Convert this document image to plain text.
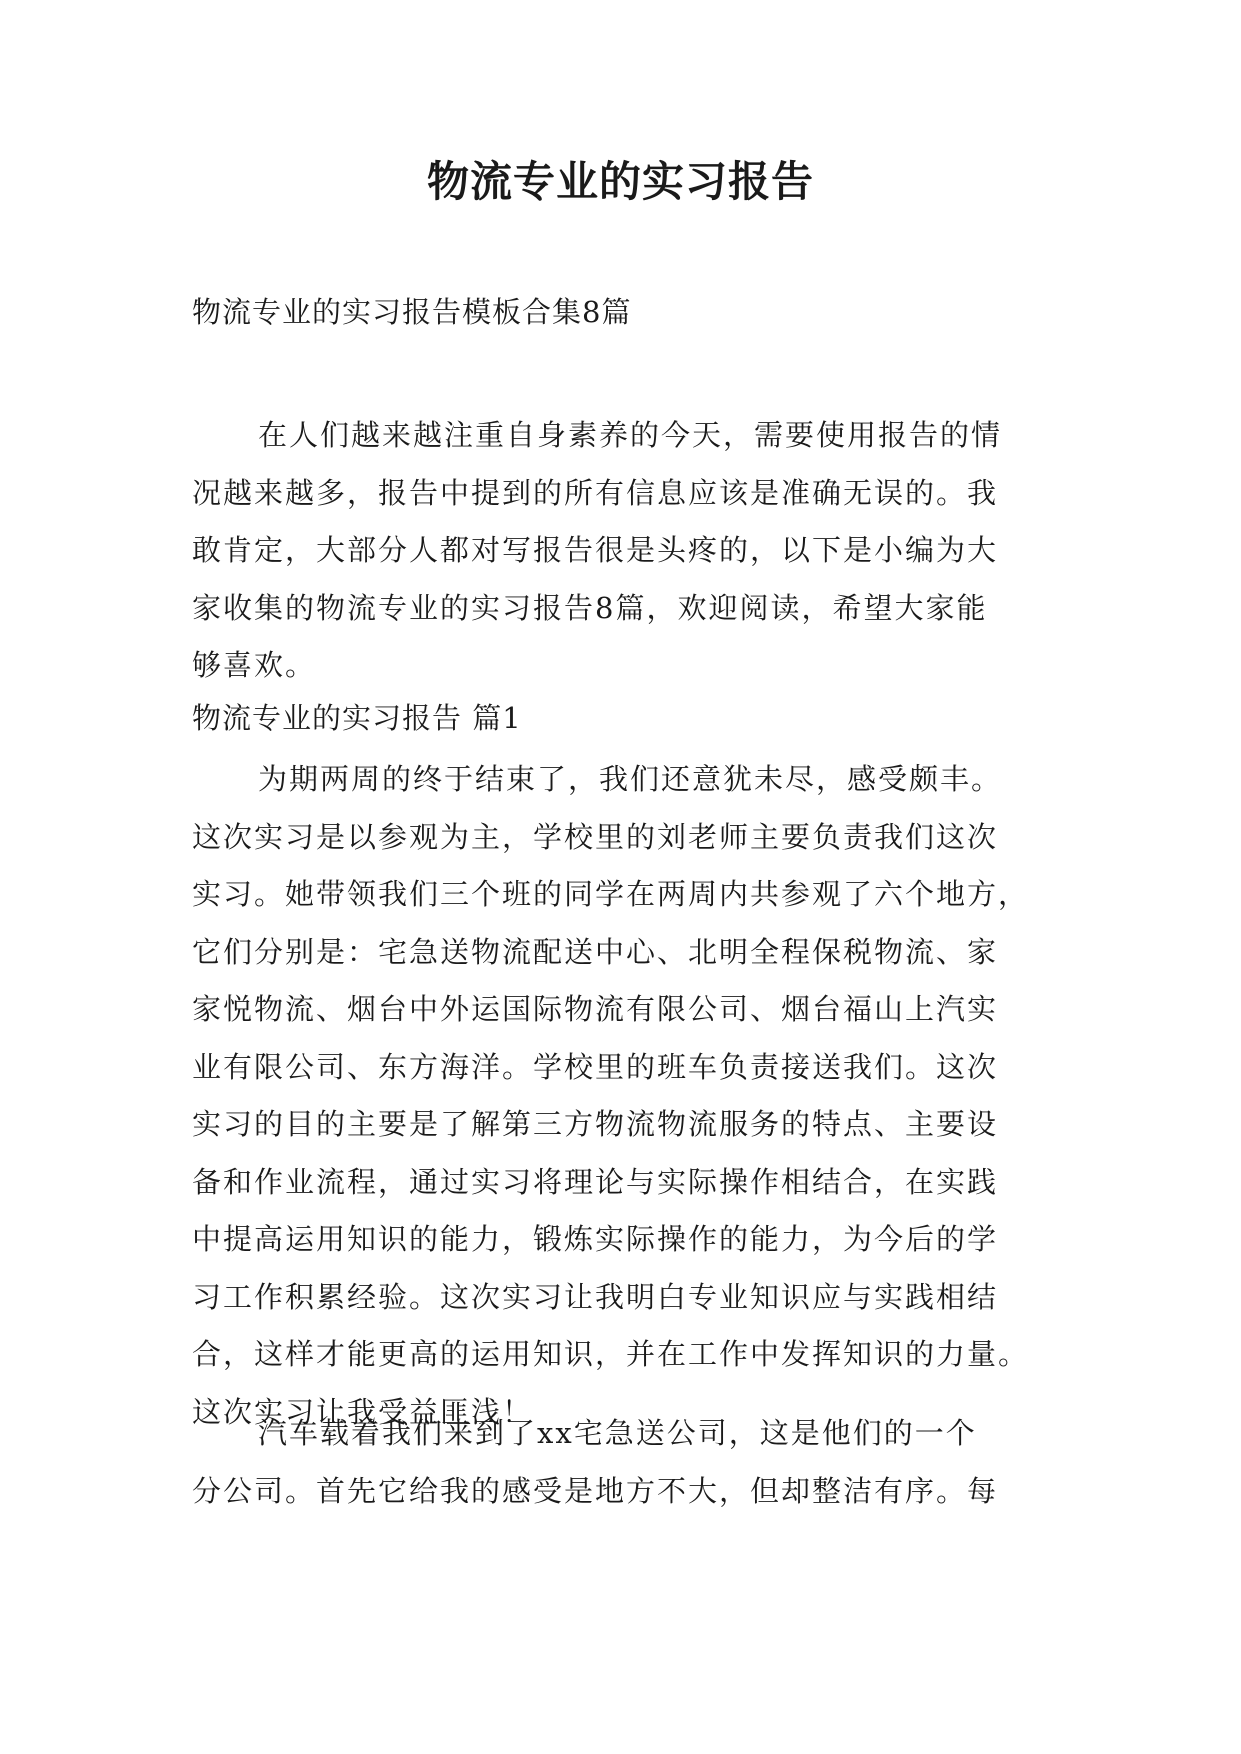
物流专业的实习报告

物流专业的实习报告模板合集8篇

在人们越来越注重自身素养的今天，需要使用报告的情
况越来越多，报告中提到的所有信息应该是准确无误的。我
敢肯定，大部分人都对写报告很是头疼的，以下是小编为大
家收集的物流专业的实习报告8篇，欢迎阅读，希望大家能
够喜欢。

物流专业的实习报告 篇1

为期两周的终于结束了，我们还意犹未尽，感受颇丰。
这次实习是以参观为主，学校里的刘老师主要负责我们这次
实习。她带领我们三个班的同学在两周内共参观了六个地方，
它们分别是：宅急送物流配送中心、北明全程保税物流、家
家悦物流、烟台中外运国际物流有限公司、烟台福山上汽实
业有限公司、东方海洋。学校里的班车负责接送我们。这次
实习的目的主要是了解第三方物流物流服务的特点、主要设
备和作业流程，通过实习将理论与实际操作相结合，在实践
中提高运用知识的能力，锻炼实际操作的能力，为今后的学
习工作积累经验。这次实习让我明白专业知识应与实践相结
合，这样才能更高的运用知识，并在工作中发挥知识的力量。
这次实习让我受益匪浅！
汽车载着我们来到了xx宅急送公司，这是他们的一个
分公司。首先它给我的感受是地方不大，但却整洁有序。每
